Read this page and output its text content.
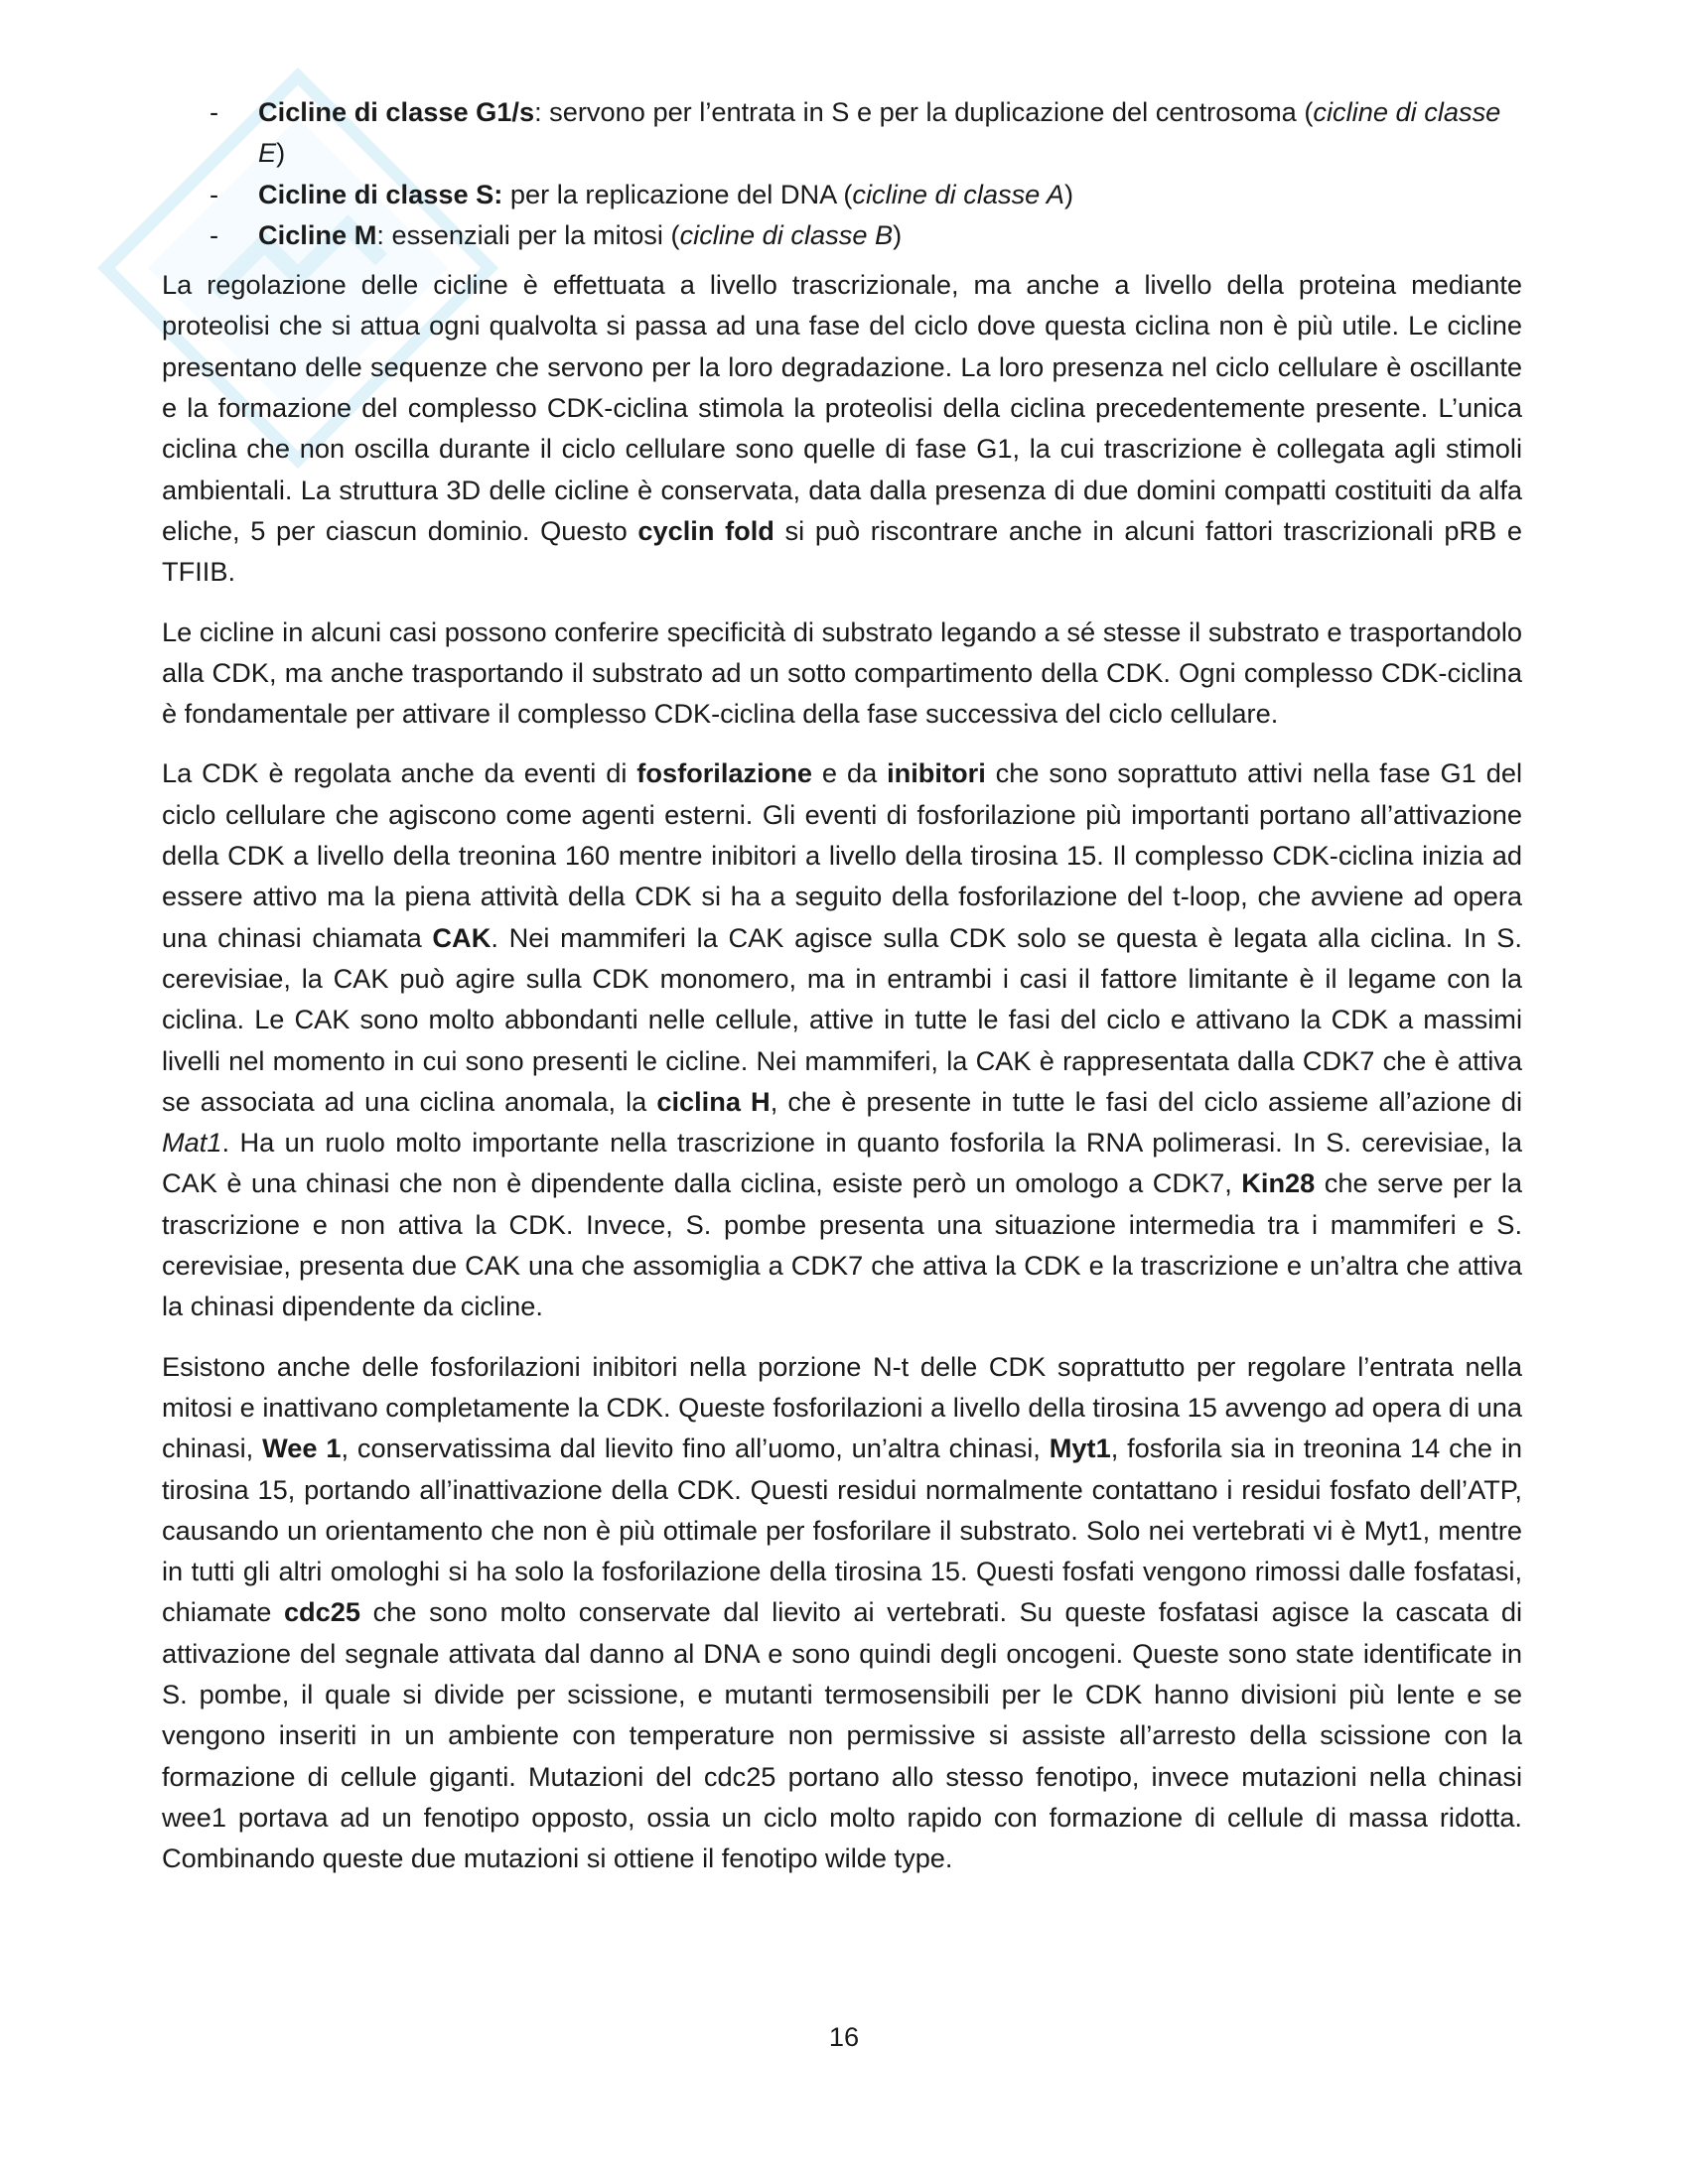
- Cicline di classe G1/s: servono per l’entrata in S e per la duplicazione del centrosoma (cicline di classe E)
- Cicline di classe S: per la replicazione del DNA (cicline di classe A)
- Cicline M: essenziali per la mitosi (cicline di classe B)

La regolazione delle cicline è effettuata a livello trascrizionale, ma anche a livello della proteina mediante proteolisi che si attua ogni qualvolta si passa ad una fase del ciclo dove questa ciclina non è più utile. Le cicline presentano delle sequenze che servono per la loro degradazione. La loro presenza nel ciclo cellulare è oscillante e la formazione del complesso CDK-ciclina stimola la proteolisi della ciclina precedentemente presente. L’unica ciclina che non oscilla durante il ciclo cellulare sono quelle di fase G1, la cui trascrizione è collegata agli stimoli ambientali. La struttura 3D delle cicline è conservata, data dalla presenza di due domini compatti costituiti da alfa eliche, 5 per ciascun dominio. Questo cyclin fold si può riscontrare anche in alcuni fattori trascrizionali pRB e TFIIB.

Le cicline in alcuni casi possono conferire specificità di substrato legando a sé stesse il substrato e trasportandolo alla CDK, ma anche trasportando il substrato ad un sotto compartimento della CDK. Ogni complesso CDK-ciclina è fondamentale per attivare il complesso CDK-ciclina della fase successiva del ciclo cellulare.

La CDK è regolata anche da eventi di fosforilazione e da inibitori che sono soprattuto attivi nella fase G1 del ciclo cellulare che agiscono come agenti esterni. Gli eventi di fosforilazione più importanti portano all’attivazione della CDK a livello della treonina 160 mentre inibitori a livello della tirosina 15. Il complesso CDK-ciclina inizia ad essere attivo ma la piena attività della CDK si ha a seguito della fosforilazione del t-loop, che avviene ad opera una chinasi chiamata CAK. Nei mammiferi la CAK agisce sulla CDK solo se questa è legata alla ciclina. In S. cerevisiae, la CAK può agire sulla CDK monomero, ma in entrambi i casi il fattore limitante è il legame con la ciclina. Le CAK sono molto abbondanti nelle cellule, attive in tutte le fasi del ciclo e attivano la CDK a massimi livelli nel momento in cui sono presenti le cicline. Nei mammiferi, la CAK è rappresentata dalla CDK7 che è attiva se associata ad una ciclina anomala, la ciclina H, che è presente in tutte le fasi del ciclo assieme all’azione di Mat1. Ha un ruolo molto importante nella trascrizione in quanto fosforila la RNA polimerasi. In S. cerevisiae, la CAK è una chinasi che non è dipendente dalla ciclina, esiste però un omologo a CDK7, Kin28 che serve per la trascrizione e non attiva la CDK. Invece, S. pombe presenta una situazione intermedia tra i mammiferi e S. cerevisiae, presenta due CAK una che assomiglia a CDK7 che attiva la CDK e la trascrizione e un’altra che attiva la chinasi dipendente da cicline.

Esistono anche delle fosforilazioni inibitori nella porzione N-t delle CDK soprattutto per regolare l’entrata nella mitosi e inattivano completamente la CDK. Queste fosforilazioni a livello della tirosina 15 avvengo ad opera di una chinasi, Wee 1, conservatissima dal lievito fino all’uomo, un’altra chinasi, Myt1, fosforila sia in treonina 14 che in tirosina 15, portando all’inattivazione della CDK. Questi residui normalmente contattano i residui fosfato dell’ATP, causando un orientamento che non è più ottimale per fosforilare il substrato. Solo nei vertebrati vi è Myt1, mentre in tutti gli altri omologhi si ha solo la fosforilazione della tirosina 15. Questi fosfati vengono rimossi dalle fosfatasi, chiamate cdc25 che sono molto conservate dal lievito ai vertebrati. Su queste fosfatasi agisce la cascata di attivazione del segnale attivata dal danno al DNA e sono quindi degli oncogeni. Queste sono state identificate in S. pombe, il quale si divide per scissione, e mutanti termosensibili per le CDK hanno divisioni più lente e se vengono inseriti in un ambiente con temperature non permissive si assiste all’arresto della scissione con la formazione di cellule giganti. Mutazioni del cdc25 portano allo stesso fenotipo, invece mutazioni nella chinasi wee1 portava ad un fenotipo opposto, ossia un ciclo molto rapido con formazione di cellule di massa ridotta. Combinando queste due mutazioni si ottiene il fenotipo wilde type.

16
